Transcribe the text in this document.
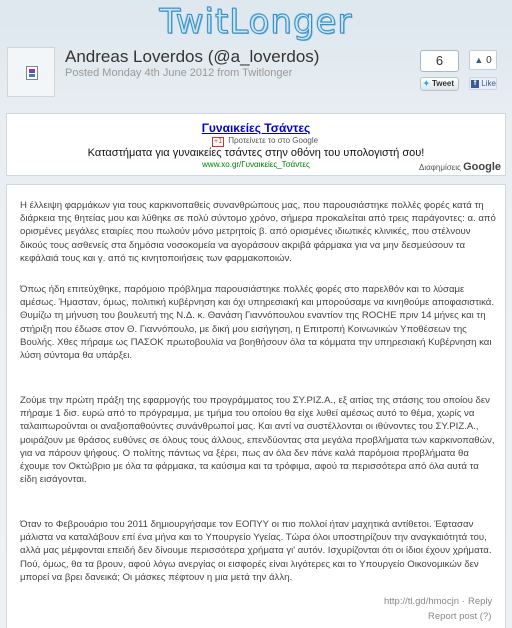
TwitLonger
Andreas Loverdos (@a_loverdos)
Posted Monday 4th June 2012 from Twitlonger
6
✦ Tweet
▲ 0
f Like
Γυναικείες Τσάντες
+1 Προτείνετε το στο Google
Καταστήματα για γυναικείες τσάντες στην οθόνη του υπολογιστή σου!
www.xo.gr/Γυναικείες_Τσάντες	Διαφημίσεις Google

Η έλλειψη φαρμάκων για τους καρκινοπαθείς συνανθρώπους μας, που παρουσιάστηκε πολλές φορές κατά τη διάρκεια της θητείας μου και λύθηκε σε πολύ σύντομο χρόνο, σήμερα προκαλείται από τρεις παράγοντες: α. από ορισμένες μεγάλες εταιρίες που πωλούν μόνο μετρητοίς β. από ορισμένες ιδιωτικές κλινικές, που στέλνουν δικούς τους ασθενείς στα δημόσια νοσοκομεία να αγοράσουν ακριβά φάρμακα για να μην δεσμεύσουν τα κεφάλαιά τους και γ. από τις κινητοποιήσεις των φαρμακοποιών.

Όπως ήδη επιτεύχθηκε, παρόμοιο πρόβλημα παρουσιάστηκε πολλές φορές στο παρελθόν και το λύσαμε αμέσως. Ήμασταν, όμως, πολιτική κυβέρνηση και όχι υπηρεσιακή και μπορούσαμε να κινηθούμε αποφασιστικά. Θυμίζω τη μήνυση του βουλευτή της Ν.Δ. κ. Θανάση Γιαννόπουλου εναντίον της ROCHE πριν 14 μήνες και τη στήριξη που έδωσε στον Θ. Γιαννόπουλο, με δική μου εισήγηση, η Επιτροπή Κοινωνικών Υποθέσεων της Βουλής. Χθες πήραμε ως ΠΑΣΟΚ πρωτοβουλία να βοηθήσουν όλα τα κόμματα την υπηρεσιακή Κυβέρνηση και λύση σύντομα θα υπάρξει.

Ζούμε την πρώτη πράξη της εφαρμογής του προγράμματος του ΣΥ.ΡΙΖ.Α., εξ αιτίας της στάσης του οποίου δεν πήραμε 1 δισ. ευρώ από το πρόγραμμα, με τμήμα του οποίου θα είχε λυθεί αμέσως αυτό το θέμα, χωρίς να ταλαιπωρούνται οι αναξιοπαθούντες συνάνθρωποί μας. Και αντί να συστέλλονται οι ιθύνοντες του ΣΥ.ΡΙΖ.Α., μοιράζουν με θράσος ευθύνες σε όλους τους άλλους, επενδύοντας στα μεγάλα προβλήματα των καρκινοπαθών, για να πάρουν ψήφους. Ο πολίτης πάντως να ξέρει, πως αν όλα δεν πάνε καλά παρόμοια προβλήματα θα έχουμε τον Οκτώβριο με όλα τα φάρμακα, τα καύσιμα και τα τρόφιμα, αφού τα περισσότερα από όλα αυτά τα είδη εισάγονται.

Όταν το Φεβρουάριο του 2011 δημιουργήσαμε τον ΕΟΠΥΥ οι πιο πολλοί ήταν μαχητικά αντίθετοι. Έφτασαν μάλιστα να καταλάβουν επί ένα μήνα και το Υπουργείο Υγείας. Τώρα όλοι υποστηρίζουν την αναγκαιότητά του, αλλά μας μέμφονται επειδή δεν δίνουμε περισσότερα χρήματα γι' αυτόν. Ισχυρίζονται ότι οι ίδιοι έχουν χρήματα. Πού, όμως, θα τα βρουν, αφού λόγω ανεργίας οι εισφορές είναι λιγότερες και το Υπουργείο Οικονομικών δεν μπορεί να βρει δανεικά; Οι μάσκες πέφτουν η μια μετά την άλλη.

http://tl.gd/hmocjn · Reply
Report post (?)
